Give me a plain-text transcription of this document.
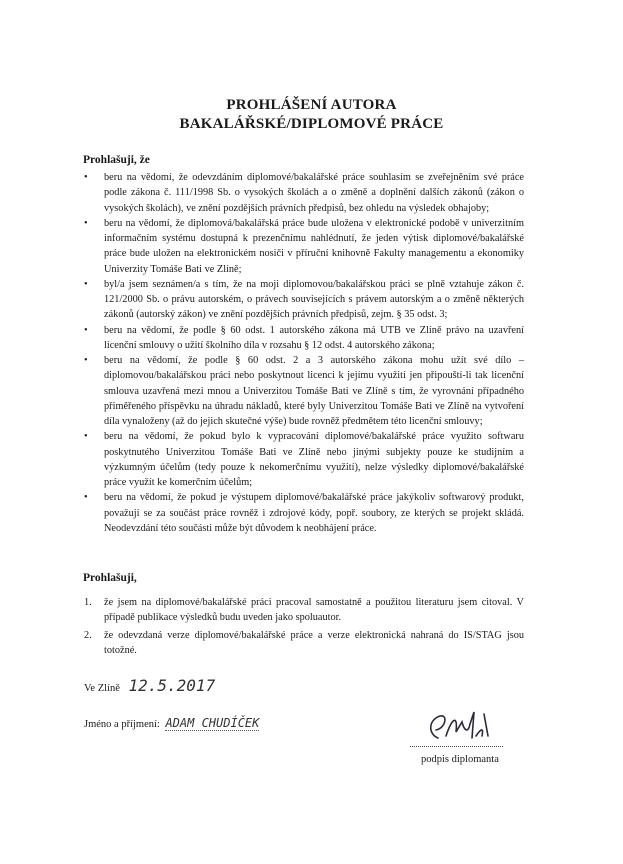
PROHLÁŠENÍ AUTORA
BAKALÁŘSKÉ/DIPLOMOVÉ PRÁCE
Prohlašuji, že
• beru na vědomí, že odevzdáním diplomové/bakalářské práce souhlasím se zveřejněním své práce podle zákona č. 111/1998 Sb. o vysokých školách a o změně a doplnění dalších zákonů (zákon o vysokých školách), ve znění pozdějších právních předpisů, bez ohledu na výsledek obhajoby;
• beru na vědomí, že diplomová/bakalářská práce bude uložena v elektronické podobě v univerzitním informačním systému dostupná k prezenčnímu nahlédnutí, že jeden výtisk diplomové/bakalářské práce bude uložen na elektronickém nosiči v příruční knihovně Fakulty managementu a ekonomiky Univerzity Tomáše Bati ve Zlíně;
• byl/a jsem seznámen/a s tím, že na moji diplomovou/bakalářskou práci se plně vztahuje zákon č. 121/2000 Sb. o právu autorském, o právech souvisejících s právem autorským a o změně některých zákonů (autorský zákon) ve znění pozdějších právních předpisů, zejm. § 35 odst. 3;
• beru na vědomí, že podle § 60 odst. 1 autorského zákona má UTB ve Zlíně právo na uzavření licenční smlouvy o užití školního díla v rozsahu § 12 odst. 4 autorského zákona;
• beru na vědomí, že podle § 60 odst. 2 a 3 autorského zákona mohu užít své dílo – diplomovou/bakalářskou práci nebo poskytnout licenci k jejímu využití jen připouští-li tak licenční smlouva uzavřená mezi mnou a Univerzitou Tomáše Bati ve Zlíně s tím, že vyrovnání případného přiměřeného příspěvku na úhradu nákladů, které byly Univerzitou Tomáše Bati ve Zlíně na vytvoření díla vynaloženy (až do jejich skutečné výše) bude rovněž předmětem této licenční smlouvy;
• beru na vědomí, že pokud bylo k vypracování diplomové/bakalářské práce využito softwaru poskytnutého Univerzitou Tomáše Bati ve Zlíně nebo jinými subjekty pouze ke studijním a výzkumným účelům (tedy pouze k nekomerčnímu využití), nelze výsledky diplomové/bakalářské práce využít ke komerčním účelům;
• beru na vědomí, že pokud je výstupem diplomové/bakalářské práce jakýkoliv softwarový produkt, považují se za součást práce rovněž i zdrojové kódy, popř. soubory, ze kterých se projekt skládá. Neodevzdání této součásti může být důvodem k neobhájení práce.
Prohlašuji,
1. že jsem na diplomové/bakalářské práci pracoval samostatně a použitou literaturu jsem citoval. V případě publikace výsledků budu uveden jako spoluautor.
2. že odevzdaná verze diplomové/bakalářské práce a verze elektronická nahraná do IS/STAG jsou totožné.
Ve Zlíně 12.5.2017
Jméno a příjmení: ADAM CHUDÍČEK
podpis diplomanta
